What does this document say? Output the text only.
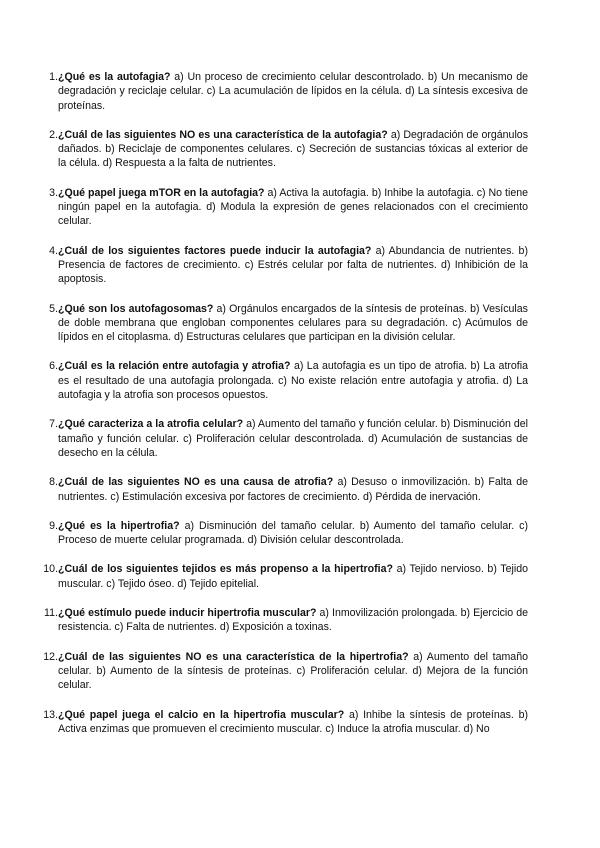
1. ¿Qué es la autofagia? a) Un proceso de crecimiento celular descontrolado. b) Un mecanismo de degradación y reciclaje celular. c) La acumulación de lípidos en la célula. d) La síntesis excesiva de proteínas.
2. ¿Cuál de las siguientes NO es una característica de la autofagia? a) Degradación de orgánulos dañados. b) Reciclaje de componentes celulares. c) Secreción de sustancias tóxicas al exterior de la célula. d) Respuesta a la falta de nutrientes.
3. ¿Qué papel juega mTOR en la autofagia? a) Activa la autofagia. b) Inhibe la autofagia. c) No tiene ningún papel en la autofagia. d) Modula la expresión de genes relacionados con el crecimiento celular.
4. ¿Cuál de los siguientes factores puede inducir la autofagia? a) Abundancia de nutrientes. b) Presencia de factores de crecimiento. c) Estrés celular por falta de nutrientes. d) Inhibición de la apoptosis.
5. ¿Qué son los autofagosomas? a) Orgánulos encargados de la síntesis de proteínas. b) Vesículas de doble membrana que engloban componentes celulares para su degradación. c) Acúmulos de lípidos en el citoplasma. d) Estructuras celulares que participan en la división celular.
6. ¿Cuál es la relación entre autofagia y atrofia? a) La autofagia es un tipo de atrofia. b) La atrofia es el resultado de una autofagia prolongada. c) No existe relación entre autofagia y atrofia. d) La autofagia y la atrofia son procesos opuestos.
7. ¿Qué caracteriza a la atrofia celular? a) Aumento del tamaño y función celular. b) Disminución del tamaño y función celular. c) Proliferación celular descontrolada. d) Acumulación de sustancias de desecho en la célula.
8. ¿Cuál de las siguientes NO es una causa de atrofia? a) Desuso o inmovilización. b) Falta de nutrientes. c) Estimulación excesiva por factores de crecimiento. d) Pérdida de inervación.
9. ¿Qué es la hipertrofia? a) Disminución del tamaño celular. b) Aumento del tamaño celular. c) Proceso de muerte celular programada. d) División celular descontrolada.
10. ¿Cuál de los siguientes tejidos es más propenso a la hipertrofia? a) Tejido nervioso. b) Tejido muscular. c) Tejido óseo. d) Tejido epitelial.
11. ¿Qué estímulo puede inducir hipertrofia muscular? a) Inmovilización prolongada. b) Ejercicio de resistencia. c) Falta de nutrientes. d) Exposición a toxinas.
12. ¿Cuál de las siguientes NO es una característica de la hipertrofia? a) Aumento del tamaño celular. b) Aumento de la síntesis de proteínas. c) Proliferación celular. d) Mejora de la función celular.
13. ¿Qué papel juega el calcio en la hipertrofia muscular? a) Inhibe la síntesis de proteínas. b) Activa enzimas que promueven el crecimiento muscular. c) Induce la atrofia muscular. d) No
